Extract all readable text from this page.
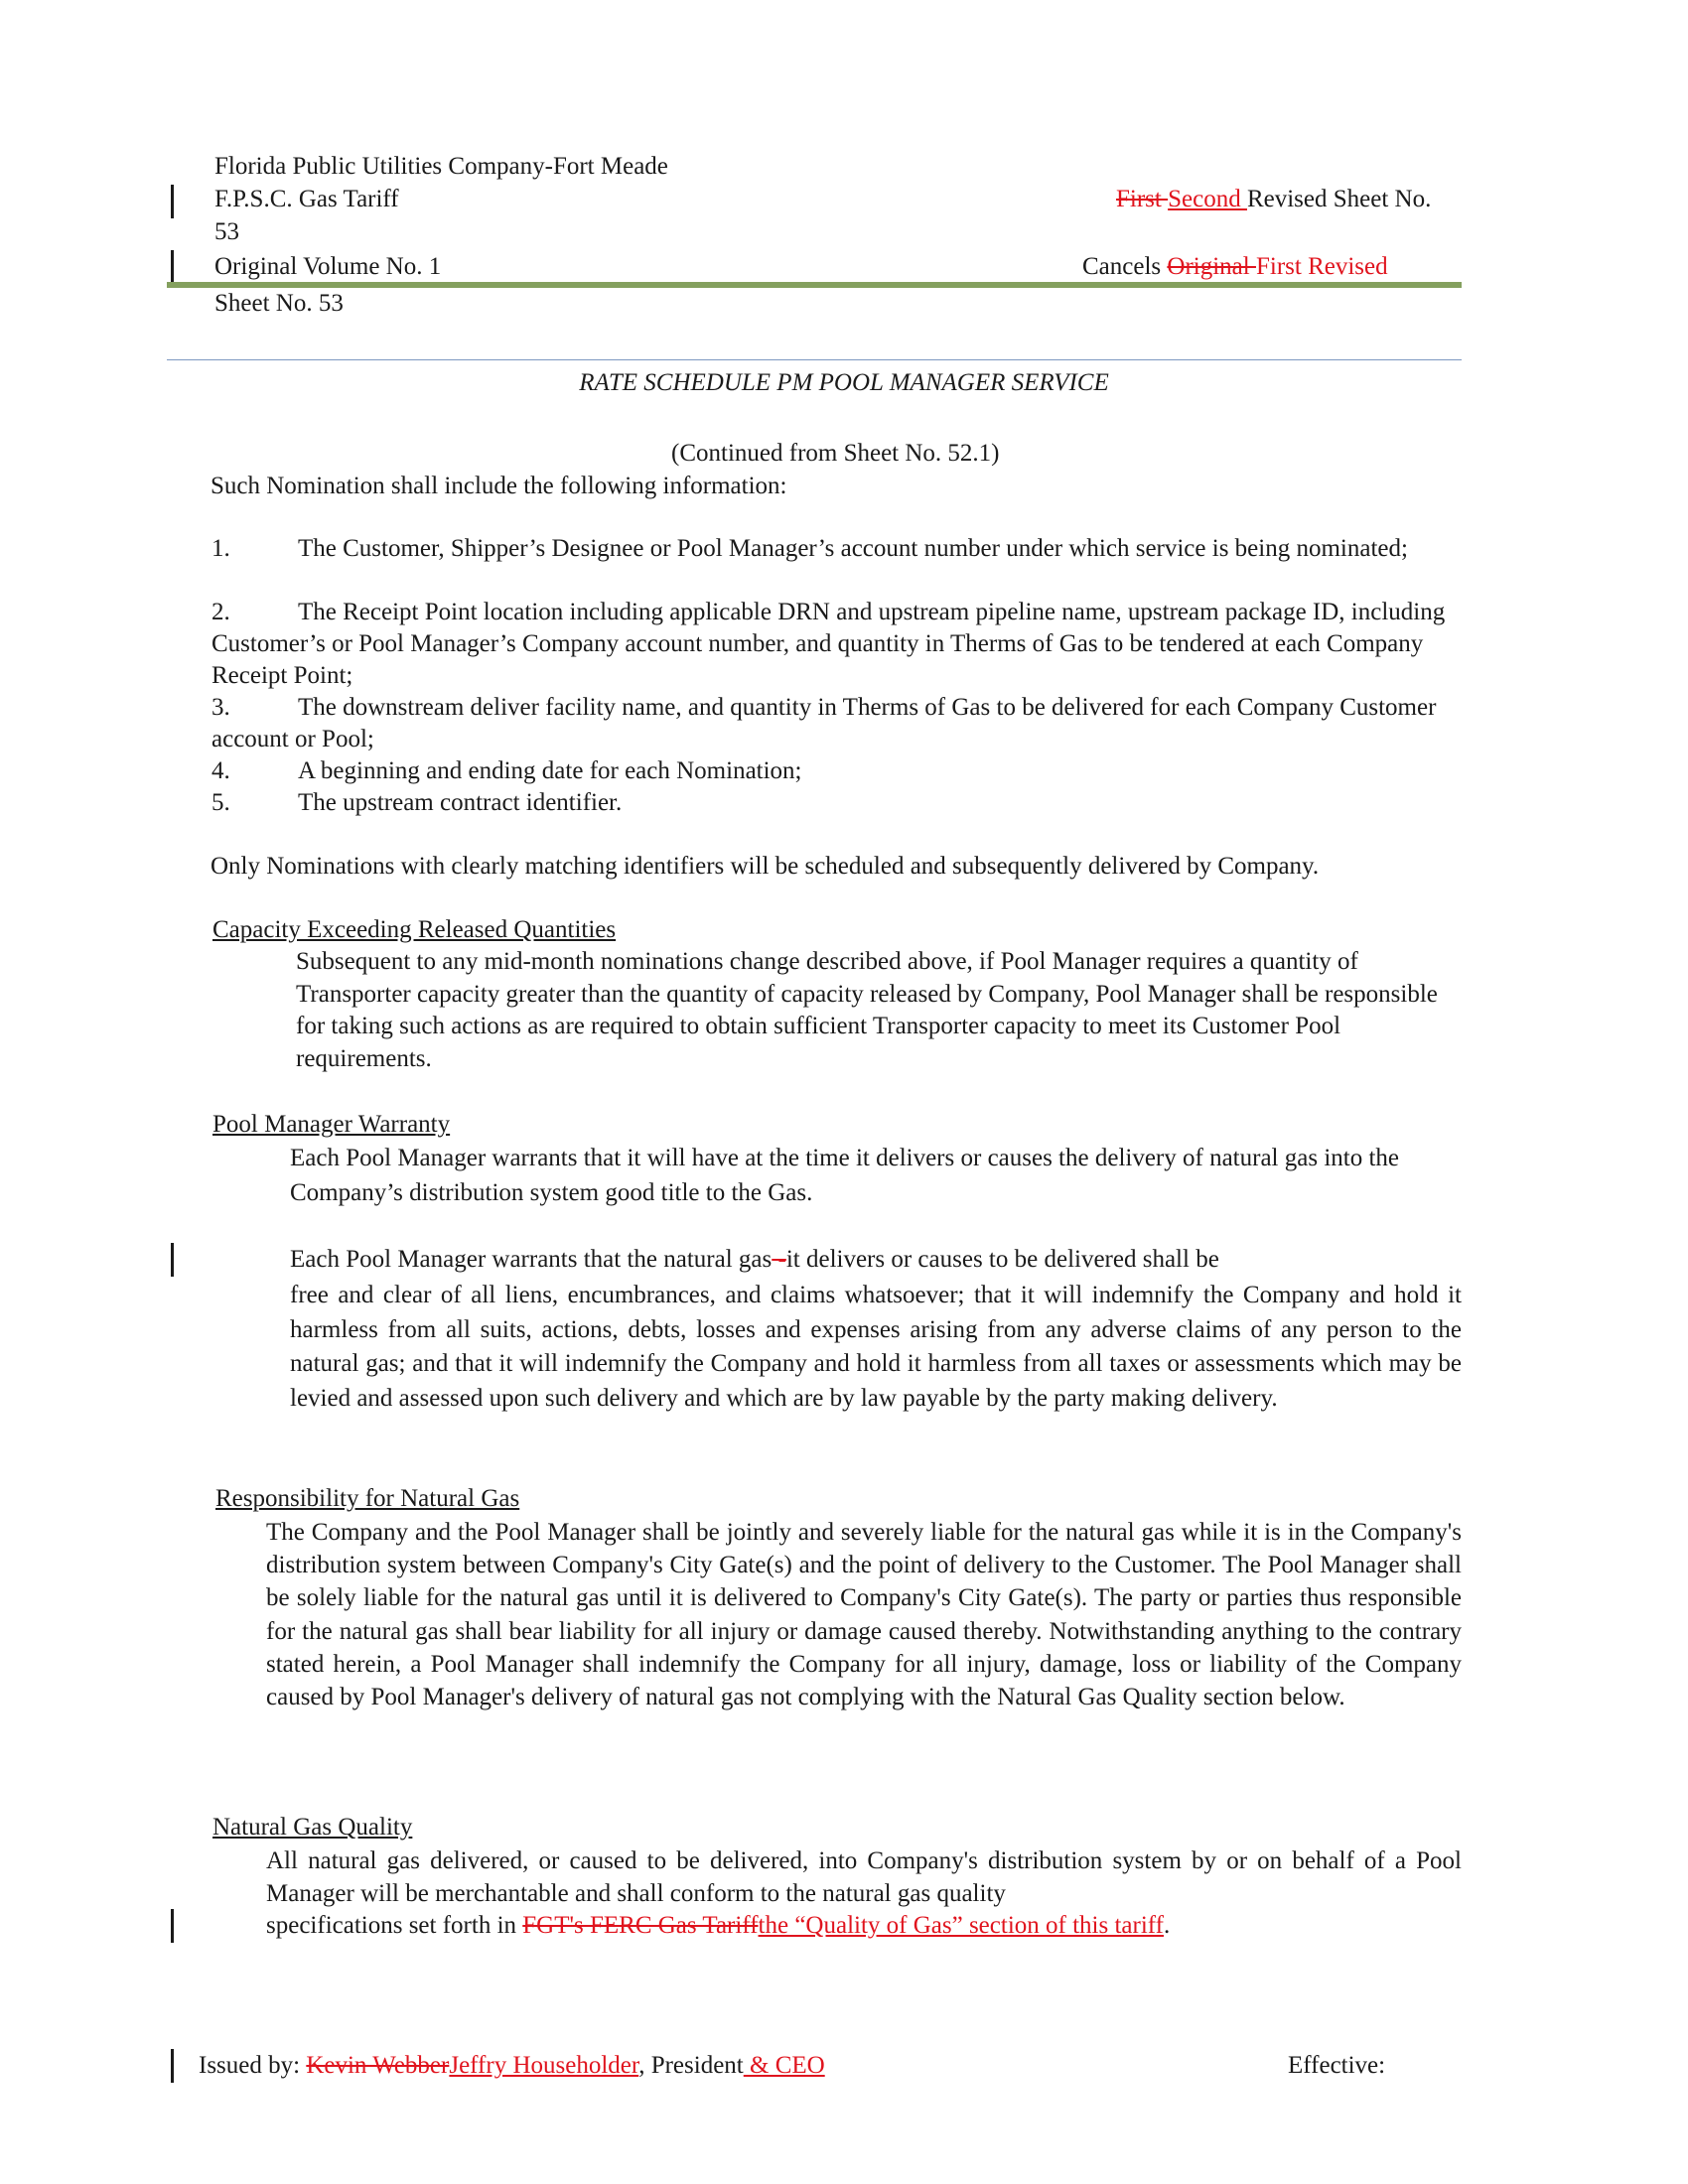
Florida Public Utilities Company-Fort Meade
F.P.S.C. Gas Tariff	First Second Revised Sheet No.
53
Original Volume No. 1	Cancels Original First Revised
Sheet No. 53
RATE SCHEDULE PM POOL MANAGER SERVICE
(Continued from Sheet No. 52.1)
Such Nomination shall include the following information:
1.	The Customer, Shipper’s Designee or Pool Manager’s account number under which service is being nominated;
2.	The Receipt Point location including applicable DRN and upstream pipeline name, upstream package ID, including Customer’s or Pool Manager’s Company account number, and quantity in Therms of Gas to be tendered at each Company Receipt Point;
3.	The downstream deliver facility name, and quantity in Therms of Gas to be delivered for each Company Customer account or Pool;
4.	A beginning and ending date for each Nomination;
5.	The upstream contract identifier.
Only Nominations with clearly matching identifiers will be scheduled and subsequently delivered by Company.
Capacity Exceeding Released Quantities
Subsequent to any mid-month nominations change described above, if Pool Manager requires a quantity of Transporter capacity greater than the quantity of capacity released by Company, Pool Manager shall be responsible for taking such actions as are required to obtain sufficient Transporter capacity to meet its Customer Pool requirements.
Pool Manager Warranty
Each Pool Manager warrants that it will have at the time it delivers or causes the delivery of natural gas into the Company’s distribution system good title to the Gas.
Each Pool Manager warrants that the natural gas -it delivers or causes to be delivered shall be
free and clear of all liens, encumbrances, and claims whatsoever; that it will indemnify the Company and hold it harmless from all suits, actions, debts, losses and expenses arising from any adverse claims of any person to the natural gas; and that it will indemnify the Company and hold it harmless from all taxes or assessments which may be levied and assessed upon such delivery and which are by law payable by the party making delivery.
Responsibility for Natural Gas
The Company and the Pool Manager shall be jointly and severely liable for the natural gas while it is in the Company's distribution system between Company's City Gate(s) and the point of delivery to the Customer. The Pool Manager shall be solely liable for the natural gas until it is delivered to Company's City Gate(s). The party or parties thus responsible for the natural gas shall bear liability for all injury or damage caused thereby. Notwithstanding anything to the contrary stated herein, a Pool Manager shall indemnify the Company for all injury, damage, loss or liability of the Company caused by Pool Manager's delivery of natural gas not complying with the Natural Gas Quality section below.
Natural Gas Quality
All natural gas delivered, or caused to be delivered, into Company's distribution system by or on behalf of a Pool Manager will be merchantable and shall conform to the natural gas quality
specifications set forth in FGT's FERC Gas Tariffthe “Quality of Gas” section of this tariff.
Issued by: Kevin WebberJeffry Householder, President & CEO	Effective:
